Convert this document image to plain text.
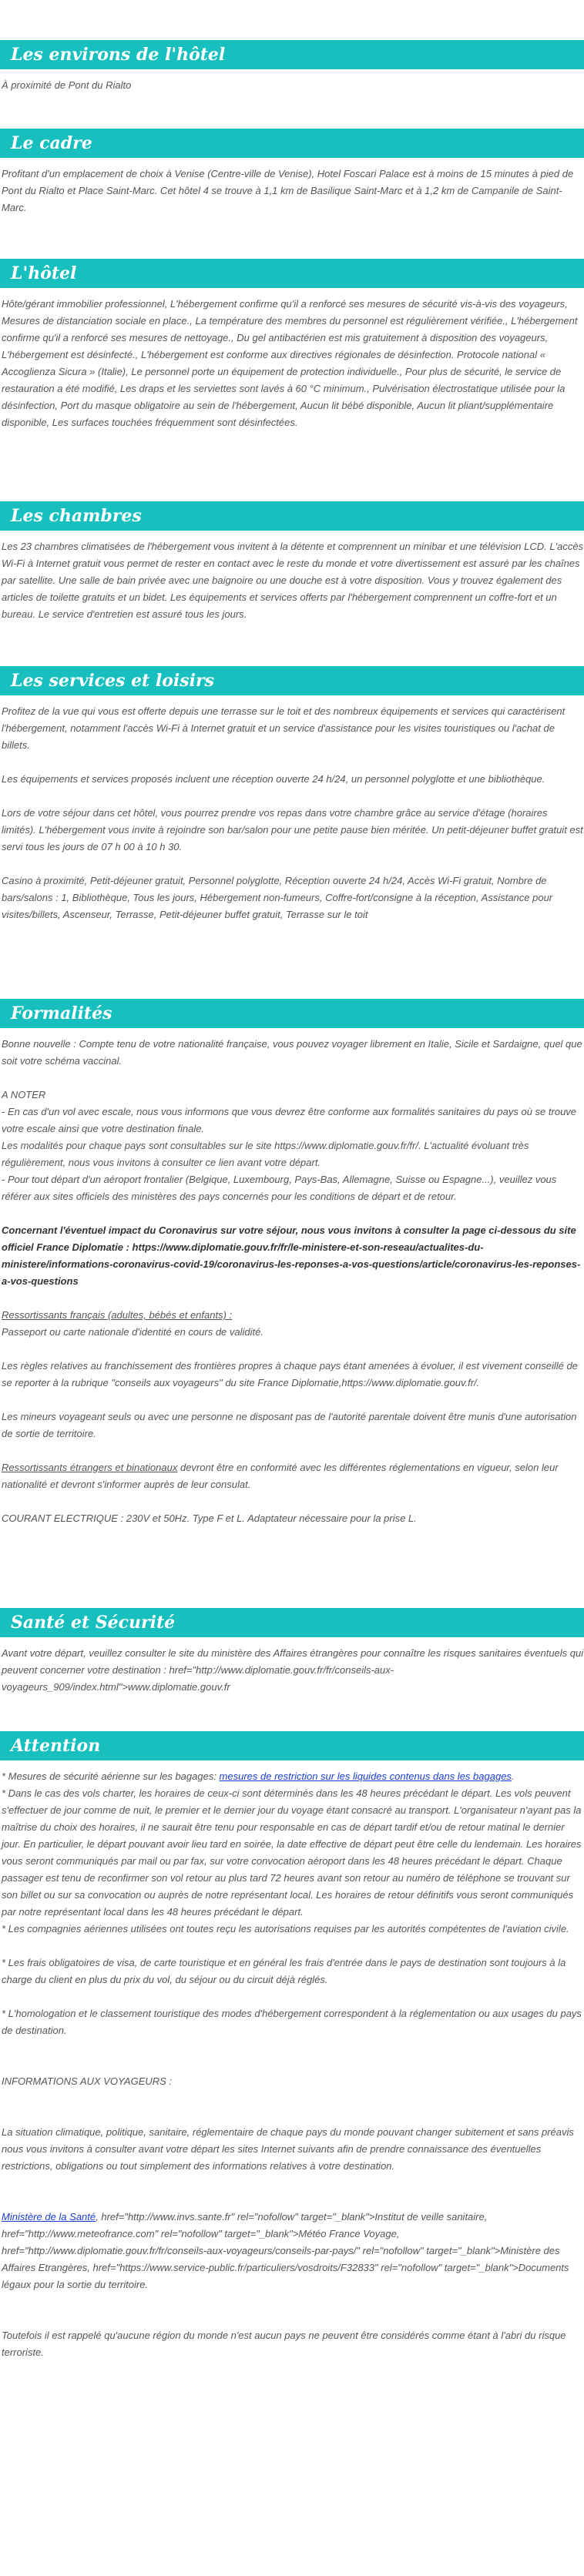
Les environs de l'hôtel

À proximité de Pont du Rialto

Le cadre

Profitant d'un emplacement de choix à Venise (Centre-ville de Venise), Hotel Foscari Palace est à moins de 15 minutes à pied de Pont du Rialto et Place Saint-Marc. Cet hôtel 4 se trouve à 1,1 km de Basilique Saint-Marc et à 1,2 km de Campanile de Saint-Marc.

L'hôtel

Hôte/gérant immobilier professionnel, L'hébergement confirme qu'il a renforcé ses mesures de sécurité vis-à-vis des voyageurs, Mesures de distanciation sociale en place., La température des membres du personnel est régulièrement vérifiée., L'hébergement confirme qu'il a renforcé ses mesures de nettoyage., Du gel antibactérien est mis gratuitement à disposition des voyageurs, L'hébergement est désinfecté., L'hébergement est conforme aux directives régionales de désinfection. Protocole national « Accoglienza Sicura » (Italie), Le personnel porte un équipement de protection individuelle., Pour plus de sécurité, le service de restauration a été modifié, Les draps et les serviettes sont lavés à 60 °C minimum., Pulvérisation électrostatique utilisée pour la désinfection, Port du masque obligatoire au sein de l'hébergement, Aucun lit bébé disponible, Aucun lit pliant/supplémentaire disponible, Les surfaces touchées fréquemment sont désinfectées.

Les chambres

Les 23 chambres climatisées de l'hébergement vous invitent à la détente et comprennent un minibar et une télévision LCD. L'accès Wi-Fi à Internet gratuit vous permet de rester en contact avec le reste du monde et votre divertissement est assuré par les chaînes par satellite. Une salle de bain privée avec une baignoire ou une douche est à votre disposition. Vous y trouvez également des articles de toilette gratuits et un bidet. Les équipements et services offerts par l'hébergement comprennent un coffre-fort et un bureau. Le service d'entretien est assuré tous les jours.

Les services et loisirs

Profitez de la vue qui vous est offerte depuis une terrasse sur le toit et des nombreux équipements et services qui caractérisent l'hébergement, notamment l'accès Wi-Fi à Internet gratuit et un service d'assistance pour les visites touristiques ou l'achat de billets.

Les équipements et services proposés incluent une réception ouverte 24 h/24, un personnel polyglotte et une bibliothèque.

Lors de votre séjour dans cet hôtel, vous pourrez prendre vos repas dans votre chambre grâce au service d'étage (horaires limités). L'hébergement vous invite à rejoindre son bar/salon pour une petite pause bien méritée. Un petit-déjeuner buffet gratuit est servi tous les jours de 07 h 00 à 10 h 30.

Casino à proximité, Petit-déjeuner gratuit, Personnel polyglotte, Réception ouverte 24 h/24, Accès Wi-Fi gratuit, Nombre de bars/salons : 1, Bibliothèque, Tous les jours, Hébergement non-fumeurs, Coffre-fort/consigne à la réception, Assistance pour visites/billets, Ascenseur, Terrasse, Petit-déjeuner buffet gratuit, Terrasse sur le toit

Formalités

Bonne nouvelle : Compte tenu de votre nationalité française, vous pouvez voyager librement en Italie, Sicile et Sardaigne, quel que soit votre schéma vaccinal.

A NOTER

- En cas d'un vol avec escale, nous vous informons que vous devrez être conforme aux formalités sanitaires du pays où se trouve votre escale ainsi que votre destination finale.

Les modalités pour chaque pays sont consultables sur le site https://www.diplomatie.gouv.fr/fr/. L'actualité évoluant très régulièrement, nous vous invitons à consulter ce lien avant votre départ.

- Pour tout départ d'un aéroport frontalier (Belgique, Luxembourg, Pays-Bas, Allemagne, Suisse ou Espagne...), veuillez vous référer aux sites officiels des ministères des pays concernés pour les conditions de départ et de retour.

Concernant l'éventuel impact du Coronavirus sur votre séjour, nous vous invitons à consulter la page ci-dessous du site officiel France Diplomatie : https://www.diplomatie.gouv.fr/fr/le-ministere-et-son-reseau/actualites-du-ministere/informations-coronavirus-covid-19/coronavirus-les-reponses-a-vos-questions/article/coronavirus-les-reponses-a-vos-questions

Ressortissants français (adultes, bébés et enfants) :

Passeport ou carte nationale d'identité en cours de validité.

Les règles relatives au franchissement des frontières propres à chaque pays étant amenées à évoluer, il est vivement conseillé de se reporter à la rubrique "conseils aux voyageurs" du site France Diplomatie,https://www.diplomatie.gouv.fr/.

Les mineurs voyageant seuls ou avec une personne ne disposant pas de l'autorité parentale doivent être munis d'une autorisation de sortie de territoire.

Ressortissants étrangers et binationaux devront être en conformité avec les différentes réglementations en vigueur, selon leur nationalité et devront s'informer auprès de leur consulat.

COURANT ELECTRIQUE : 230V et 50Hz. Type F et L. Adaptateur nécessaire pour la prise L.

Santé et Sécurité

Avant votre départ, veuillez consulter le site du ministère des Affaires étrangères pour connaître les risques sanitaires éventuels qui peuvent concerner votre destination : href="http://www.diplomatie.gouv.fr/fr/conseils-aux-voyageurs_909/index.html">www.diplomatie.gouv.fr

Attention

* Mesures de sécurité aérienne sur les bagages: mesures de restriction sur les liquides contenus dans les bagages.

* Dans le cas des vols charter, les horaires de ceux-ci sont déterminés dans les 48 heures précédant le départ. Les vols peuvent s'effectuer de jour comme de nuit, le premier et le dernier jour du voyage étant consacré au transport. L'organisateur n'ayant pas la maîtrise du choix des horaires, il ne saurait être tenu pour responsable en cas de départ tardif et/ou de retour matinal le dernier jour. En particulier, le départ pouvant avoir lieu tard en soirée, la date effective de départ peut être celle du lendemain. Les horaires vous seront communiqués par mail ou par fax, sur votre convocation aéroport dans les 48 heures précédant le départ. Chaque passager est tenu de reconfirmer son vol retour au plus tard 72 heures avant son retour au numéro de téléphone se trouvant sur son billet ou sur sa convocation ou auprès de notre représentant local. Les horaires de retour définitifs vous seront communiqués par notre représentant local dans les 48 heures précédant le départ.

* Les compagnies aériennes utilisées ont toutes reçu les autorisations requises par les autorités compétentes de l'aviation civile.

* Les frais obligatoires de visa, de carte touristique et en général les frais d'entrée dans le pays de destination sont toujours à la charge du client en plus du prix du vol, du séjour ou du circuit déjà réglés.

* L'homologation et le classement touristique des modes d'hébergement correspondent à la réglementation ou aux usages du pays de destination.

INFORMATIONS AUX VOYAGEURS :

La situation climatique, politique, sanitaire, réglementaire de chaque pays du monde pouvant changer subitement et sans préavis

nous vous invitons à consulter avant votre départ les sites Internet suivants afin de prendre connaissance des éventuelles restrictions, obligations ou tout simplement des informations relatives à votre destination.

Ministère de la Santé, href="http://www.invs.sante.fr" rel="nofollow" target="_blank">Institut de veille sanitaire, href="http://www.meteofrance.com" rel="nofollow" target="_blank">Météo France Voyage, href="http://www.diplomatie.gouv.fr/fr/conseils-aux-voyageurs/conseils-par-pays/" rel="nofollow" target="_blank">Ministère des Affaires Etrangères, href="https://www.service-public.fr/particuliers/vosdroits/F32833" rel="nofollow" target="_blank">Documents légaux pour la sortie du territoire.

Toutefois il est rappelé qu'aucune région du monde n'est aucun pays ne peuvent être considérés comme étant à l'abri du risque terroriste.
